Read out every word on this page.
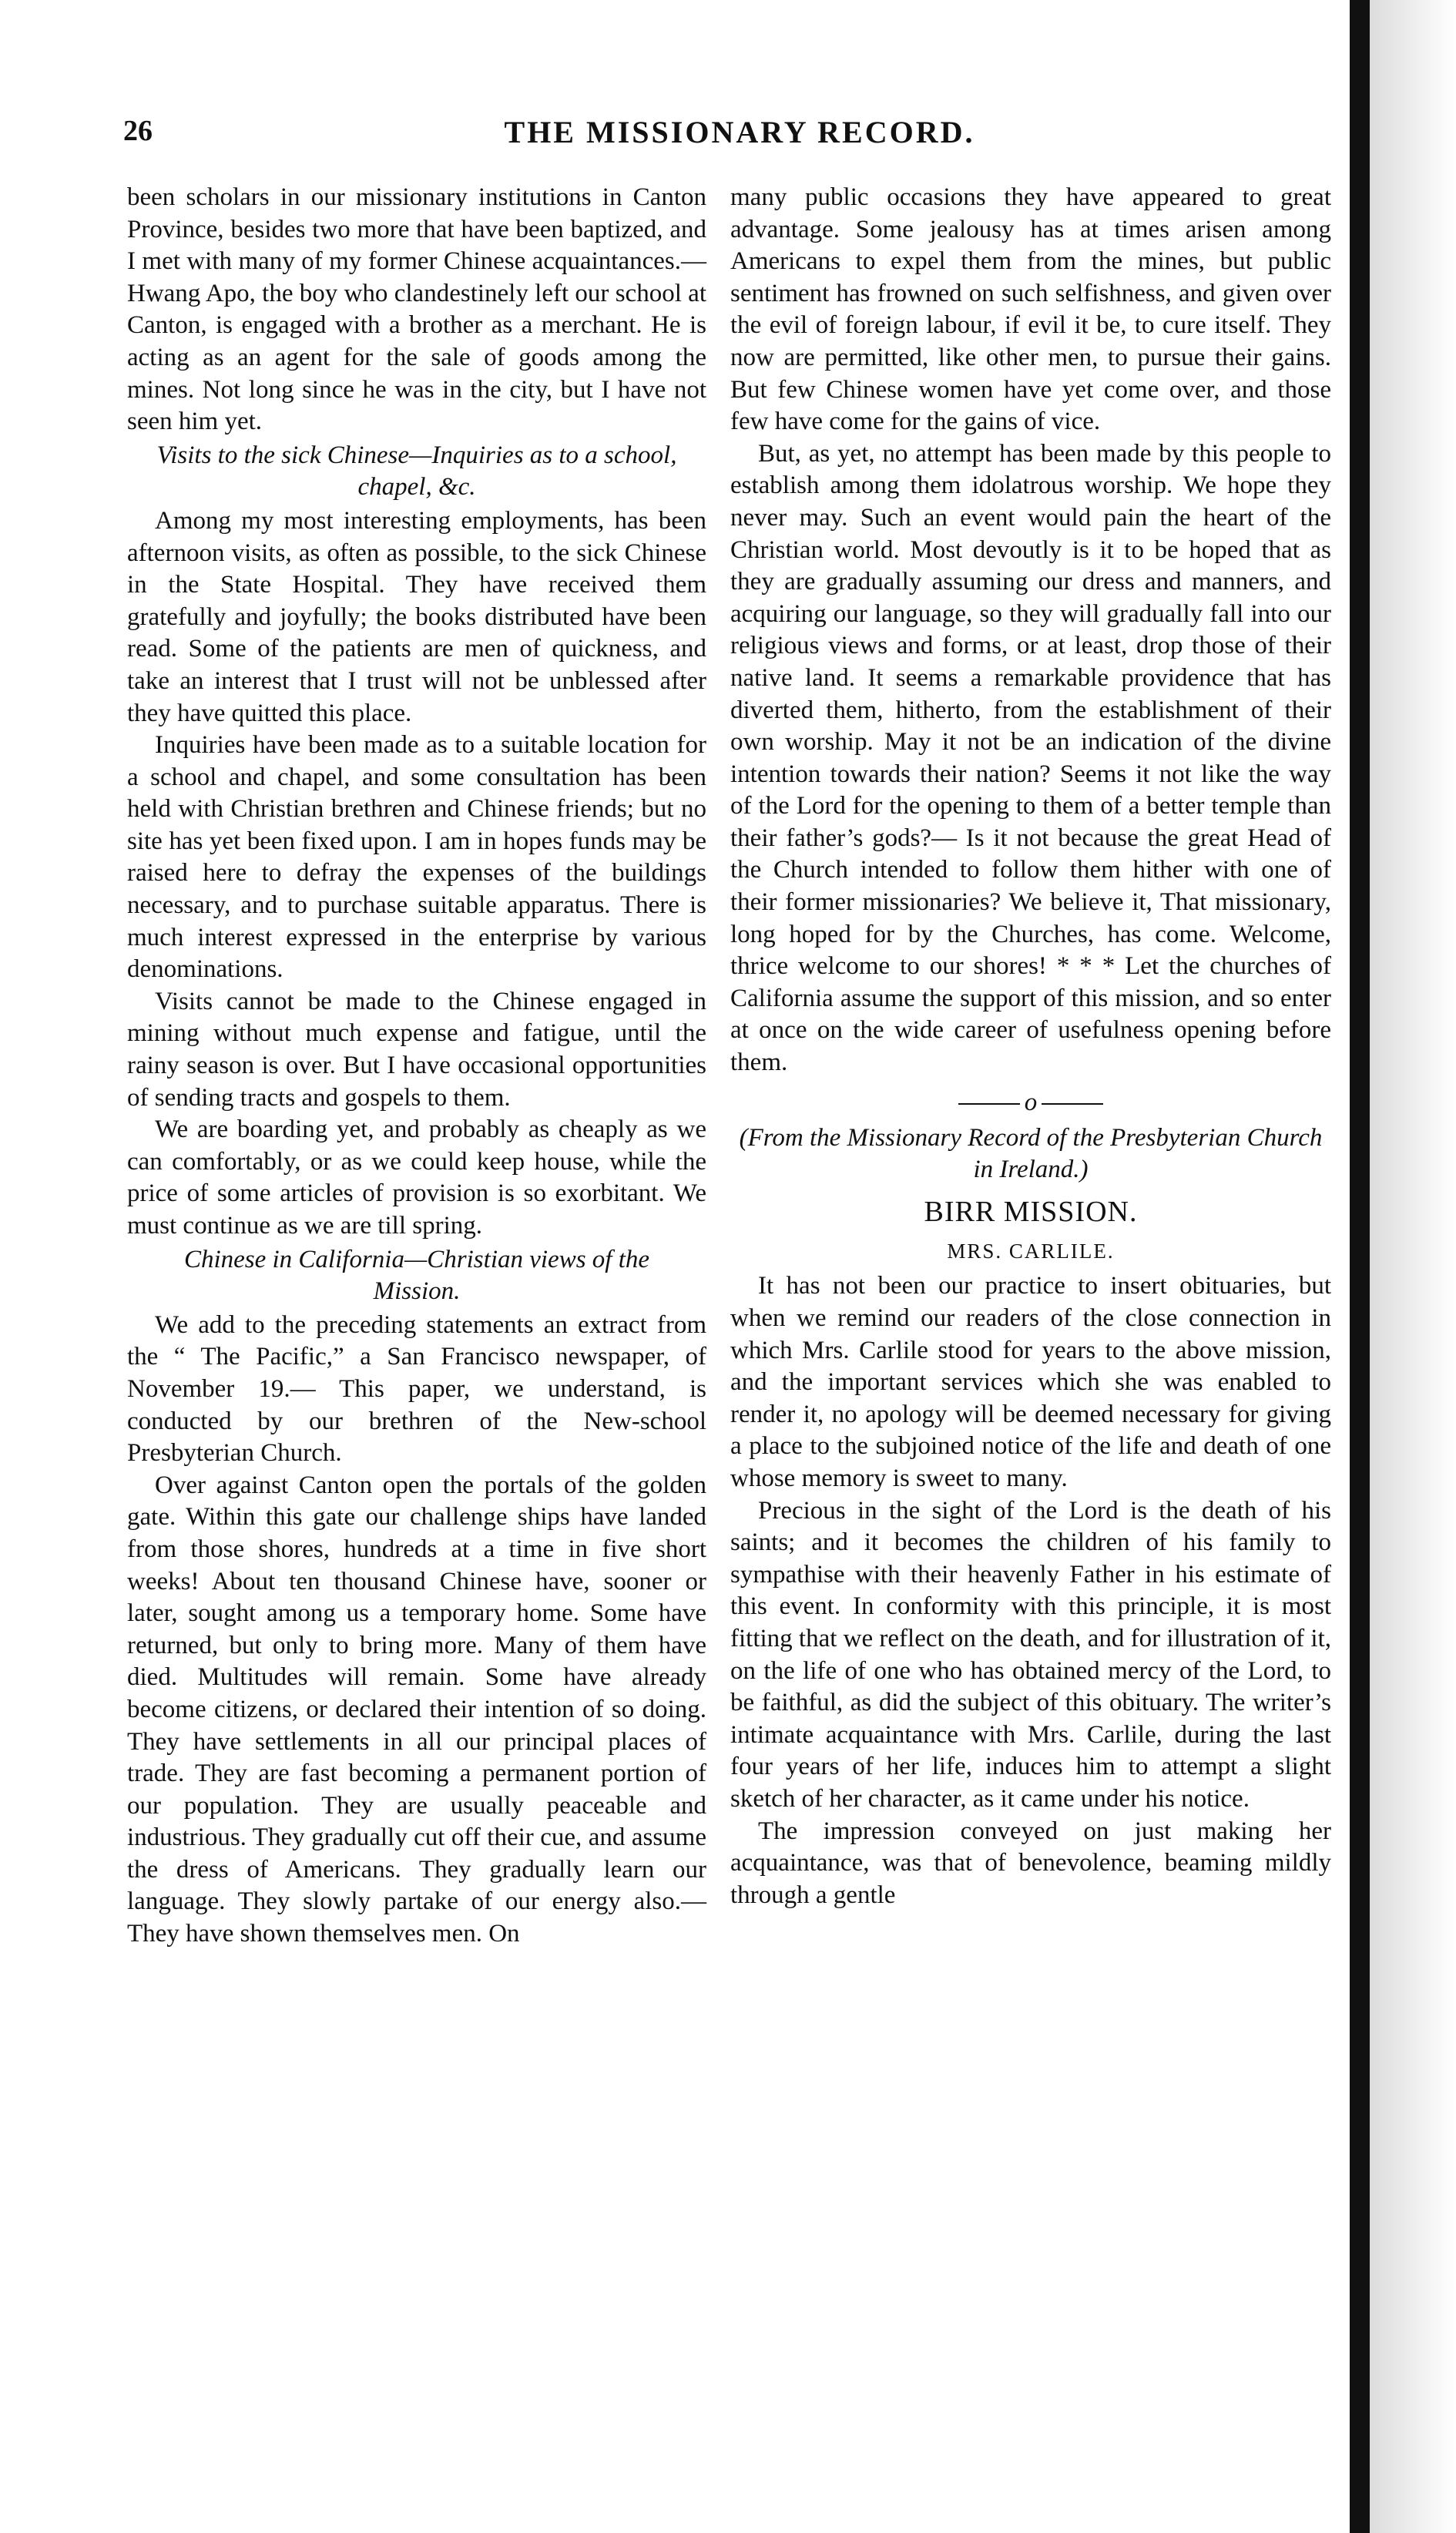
26	THE MISSIONARY RECORD.

been scholars in our missionary institutions in Canton Province, besides two more that have been baptized, and I met with many of my former Chinese acquaintances.— Hwang Apo, the boy who clandestinely left our school at Canton, is engaged with a brother as a merchant. He is acting as an agent for the sale of goods among the mines. Not long since he was in the city, but I have not seen him yet.

Visits to the sick Chinese—Inquiries as to a school, chapel, &c.

Among my most interesting employments, has been afternoon visits, as often as possible, to the sick Chinese in the State Hospital. They have received them gratefully and joyfully; the books distributed have been read. Some of the patients are men of quickness, and take an interest that I trust will not be unblessed after they have quitted this place.

Inquiries have been made as to a suitable location for a school and chapel, and some consultation has been held with Christian brethren and Chinese friends; but no site has yet been fixed upon. I am in hopes funds may be raised here to defray the expenses of the buildings necessary, and to purchase suitable apparatus. There is much interest expressed in the enterprise by various denominations.

Visits cannot be made to the Chinese engaged in mining without much expense and fatigue, until the rainy season is over. But I have occasional opportunities of sending tracts and gospels to them.

We are boarding yet, and probably as cheaply as we can comfortably, or as we could keep house, while the price of some articles of provision is so exorbitant. We must continue as we are till spring.

Chinese in California—Christian views of the Mission.

We add to the preceding statements an extract from the “ The Pacific,” a San Francisco newspaper, of November 19.— This paper, we understand, is conducted by our brethren of the New-school Presbyterian Church.

Over against Canton open the portals of the golden gate. Within this gate our challenge ships have landed from those shores, hundreds at a time in five short weeks! About ten thousand Chinese have, sooner or later, sought among us a temporary home. Some have returned, but only to bring more. Many of them have died. Multitudes will remain. Some have already become citizens, or declared their intention of so doing. They have settlements in all our principal places of trade. They are fast becoming a permanent portion of our population. They are usually peaceable and industrious. They gradually cut off their cue, and assume the dress of Americans. They gradually learn our language. They slowly partake of our energy also.— They have shown themselves men. On

many public occasions they have appeared to great advantage. Some jealousy has at times arisen among Americans to expel them from the mines, but public sentiment has frowned on such selfishness, and given over the evil of foreign labour, if evil it be, to cure itself. They now are permitted, like other men, to pursue their gains. But few Chinese women have yet come over, and those few have come for the gains of vice.

But, as yet, no attempt has been made by this people to establish among them idolatrous worship. We hope they never may. Such an event would pain the heart of the Christian world. Most devoutly is it to be hoped that as they are gradually assuming our dress and manners, and acquiring our language, so they will gradually fall into our religious views and forms, or at least, drop those of their native land. It seems a remarkable providence that has diverted them, hitherto, from the establishment of their own worship. May it not be an indication of the divine intention towards their nation? Seems it not like the way of the Lord for the opening to them of a better temple than their father’s gods?— Is it not because the great Head of the Church intended to follow them hither with one of their former missionaries? We believe it, That missionary, long hoped for by the Churches, has come. Welcome, thrice welcome to our shores! * * * Let the churches of California assume the support of this mission, and so enter at once on the wide career of usefulness opening before them.

o
(From the Missionary Record of the Presbyterian Church in Ireland.)
BIRR MISSION.
MRS. CARLILE.

It has not been our practice to insert obituaries, but when we remind our readers of the close connection in which Mrs. Carlile stood for years to the above mission, and the important services which she was enabled to render it, no apology will be deemed necessary for giving a place to the subjoined notice of the life and death of one whose memory is sweet to many.

Precious in the sight of the Lord is the death of his saints; and it becomes the children of his family to sympathise with their heavenly Father in his estimate of this event. In conformity with this principle, it is most fitting that we reflect on the death, and for illustration of it, on the life of one who has obtained mercy of the Lord, to be faithful, as did the subject of this obituary. The writer’s intimate acquaintance with Mrs. Carlile, during the last four years of her life, induces him to attempt a slight sketch of her character, as it came under his notice.

The impression conveyed on just making her acquaintance, was that of benevolence, beaming mildly through a gentle
